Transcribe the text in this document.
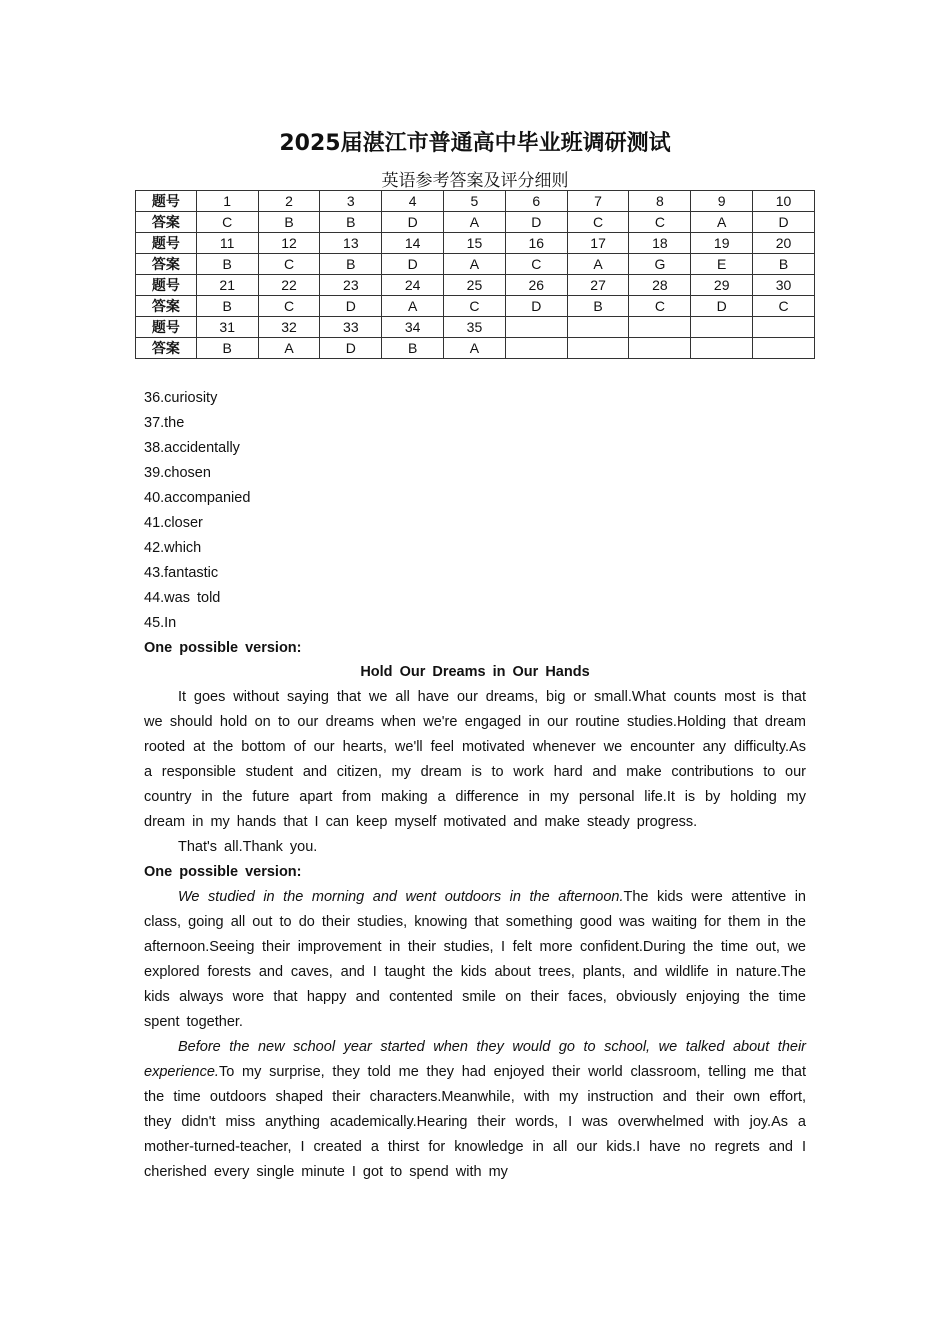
2025届湛江市普通高中毕业班调研测试
英语参考答案及评分细则
题号	1	2	3	4	5	6	7	8	9	10
答案	C	B	B	D	A	D	C	C	A	D
题号	11	12	13	14	15	16	17	18	19	20
答案	B	C	B	D	A	C	A	G	E	B
题号	21	22	23	24	25	26	27	28	29	30
答案	B	C	D	A	C	D	B	C	D	C
题号	31	32	33	34	35					
答案	B	A	D	B	A					

36.curiosity

37.the

38.accidentally

39.chosen

40.accompanied

41.closer

42.which

43.fantastic

44.was told

45.In

One possible version:

Hold Our Dreams in Our Hands

It goes without saying that we all have our dreams, big or small.What counts most is that we should hold on to our dreams when we're engaged in our routine studies.Holding that dream rooted at the bottom of our hearts, we'll feel motivated whenever we encounter any difficulty.As a responsible student and citizen, my dream is to work hard and make contributions to our country in the future apart from making a difference in my personal life.It is by holding my dream in my hands that I can keep myself motivated and make steady progress.

That's all.Thank you.

One possible version:

We studied in the morning and went outdoors in the afternoon.The kids were attentive in class, going all out to do their studies, knowing that something good was waiting for them in the afternoon.Seeing their improvement in their studies, I felt more confident.During the time out, we explored forests and caves, and I taught the kids about trees, plants, and wildlife in nature.The kids always wore that happy and contented smile on their faces, obviously enjoying the time spent together.

Before the new school year started when they would go to school, we talked about their experience.To my surprise, they told me they had enjoyed their world classroom, telling me that the time outdoors shaped their characters.Meanwhile, with my instruction and their own effort, they didn't miss anything academically.Hearing their words, I was overwhelmed with joy.As a mother-turned-teacher, I created a thirst for knowledge in all our kids.I have no regrets and I cherished every single minute I got to spend with my
